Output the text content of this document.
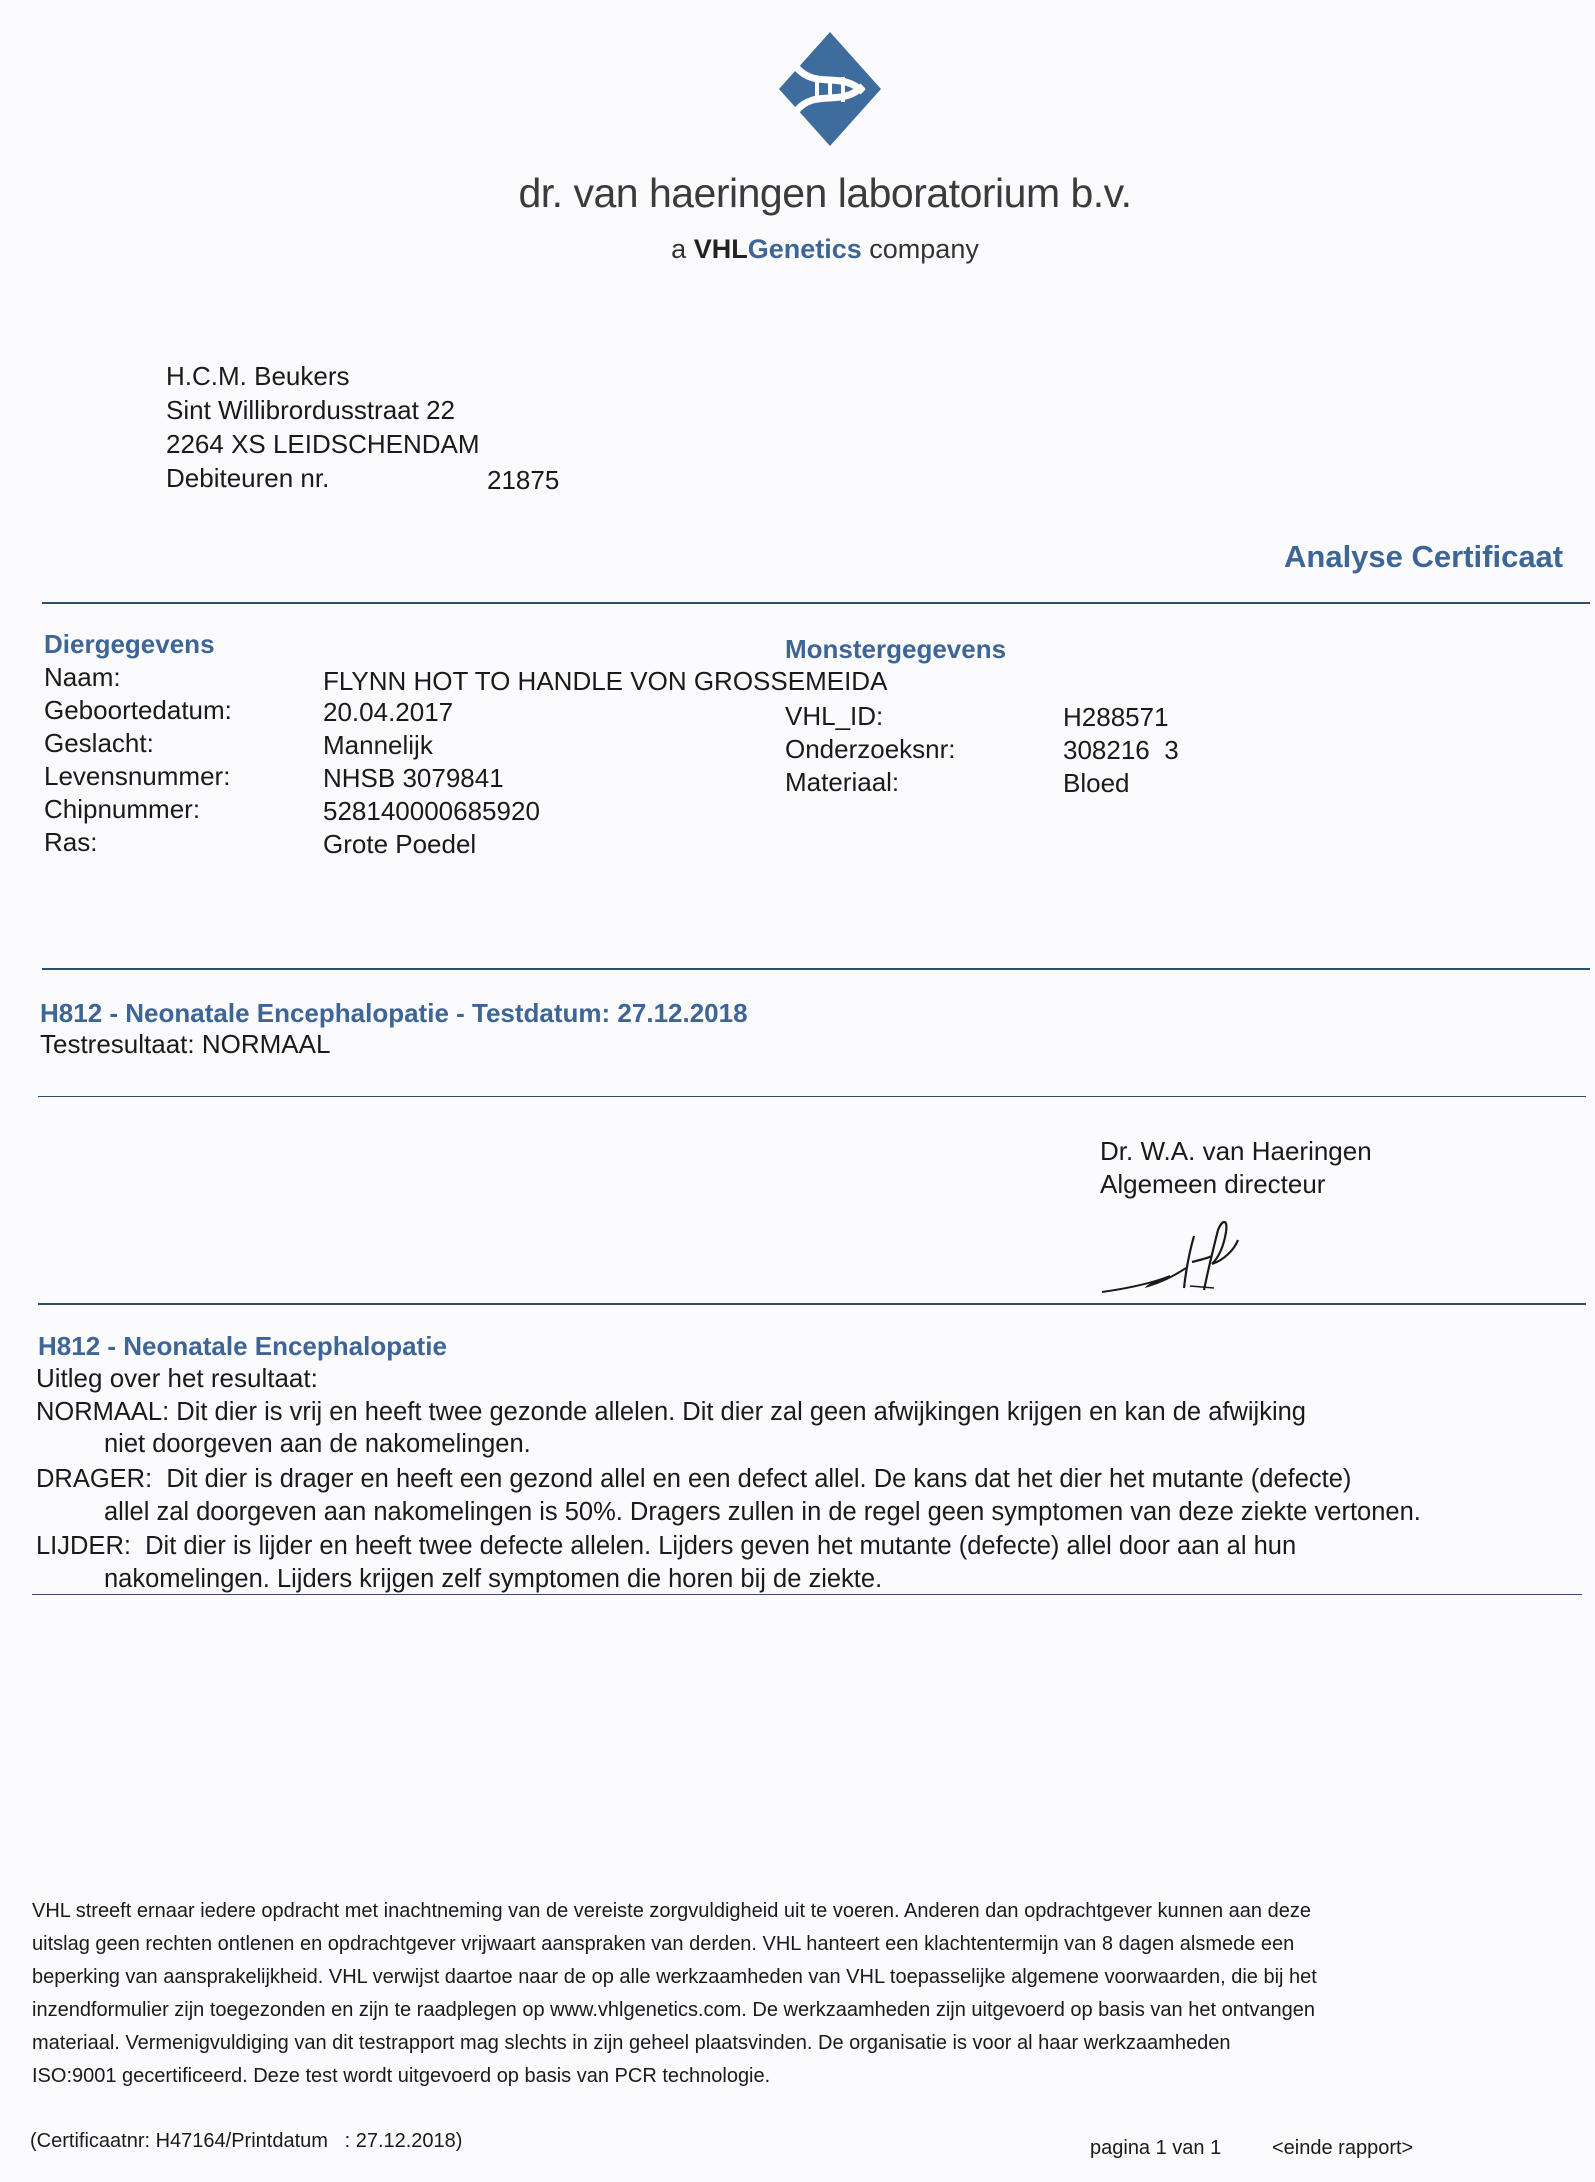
dr. van haeringen laboratorium b.v.
a VHLGenetics company
H.C.M. Beukers
Sint Willibrordusstraat 22
2264 XS LEIDSCHENDAM
Debiteuren nr.	21875
Analyse Certificaat
Diergegevens
Naam:	FLYNN HOT TO HANDLE VON GROSSEMEIDA
Geboortedatum:	20.04.2017
Geslacht:	Mannelijk
Levensnummer:	NHSB 3079841
Chipnummer:	528140000685920
Ras:	Grote Poedel
Monstergegevens
VHL_ID:	H288571
Onderzoeksnr:	308216  3
Materiaal:	Bloed
H812 - Neonatale Encephalopatie - Testdatum: 27.12.2018
Testresultaat: NORMAAL
Dr. W.A. van Haeringen
Algemeen directeur
H812 - Neonatale Encephalopatie
Uitleg over het resultaat:
NORMAAL: Dit dier is vrij en heeft twee gezonde allelen. Dit dier zal geen afwijkingen krijgen en kan de afwijking
niet doorgeven aan de nakomelingen.
DRAGER:  Dit dier is drager en heeft een gezond allel en een defect allel. De kans dat het dier het mutante (defecte)
allel zal doorgeven aan nakomelingen is 50%. Dragers zullen in de regel geen symptomen van deze ziekte vertonen.
LIJDER:  Dit dier is lijder en heeft twee defecte allelen. Lijders geven het mutante (defecte) allel door aan al hun
nakomelingen. Lijders krijgen zelf symptomen die horen bij de ziekte.
VHL streeft ernaar iedere opdracht met inachtneming van de vereiste zorgvuldigheid uit te voeren. Anderen dan opdrachtgever kunnen aan deze
uitslag geen rechten ontlenen en opdrachtgever vrijwaart aanspraken van derden. VHL hanteert een klachtentermijn van 8 dagen alsmede een
beperking van aansprakelijkheid. VHL verwijst daartoe naar de op alle werkzaamheden van VHL toepasselijke algemene voorwaarden, die bij het
inzendformulier zijn toegezonden en zijn te raadplegen op www.vhlgenetics.com. De werkzaamheden zijn uitgevoerd op basis van het ontvangen
materiaal. Vermenigvuldiging van dit testrapport mag slechts in zijn geheel plaatsvinden. De organisatie is voor al haar werkzaamheden
ISO:9001 gecertificeerd. Deze test wordt uitgevoerd op basis van PCR technologie.
(Certificaatnr: H47164/Printdatum   : 27.12.2018)	pagina 1 van 1	<einde rapport>
